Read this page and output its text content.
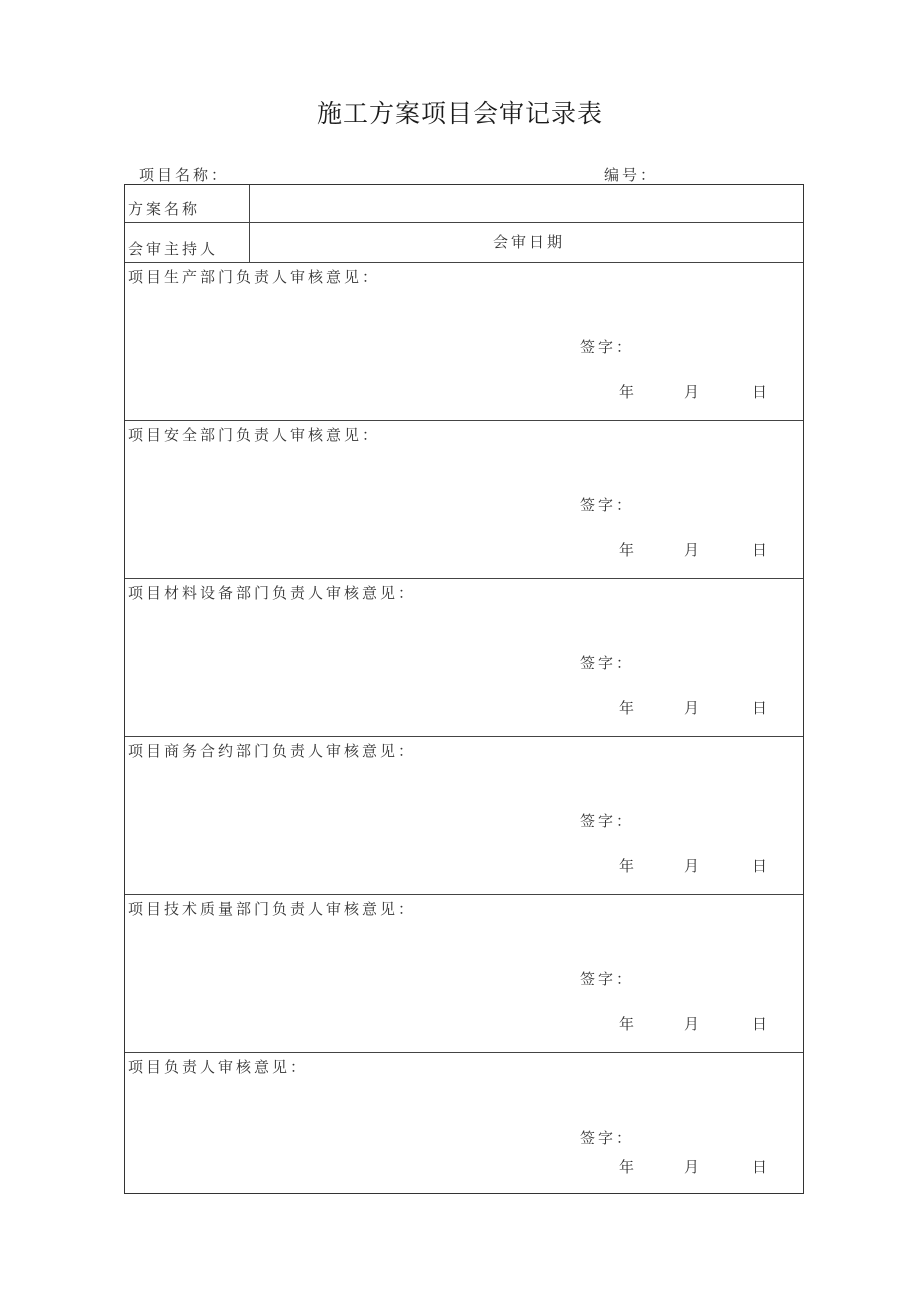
施工方案项目会审记录表
项目名称：	编号：
方案名称
会审主持人	会审日期
项目生产部门负责人审核意见：
签字：
年	月	日
项目安全部门负责人审核意见：
签字：
年	月	日
项目材料设备部门负责人审核意见：
签字：
年	月	日
项目商务合约部门负责人审核意见：
签字：
年	月	日
项目技术质量部门负责人审核意见：
签字：
年	月	日
项目负责人审核意见：
签字：
年	月	日
